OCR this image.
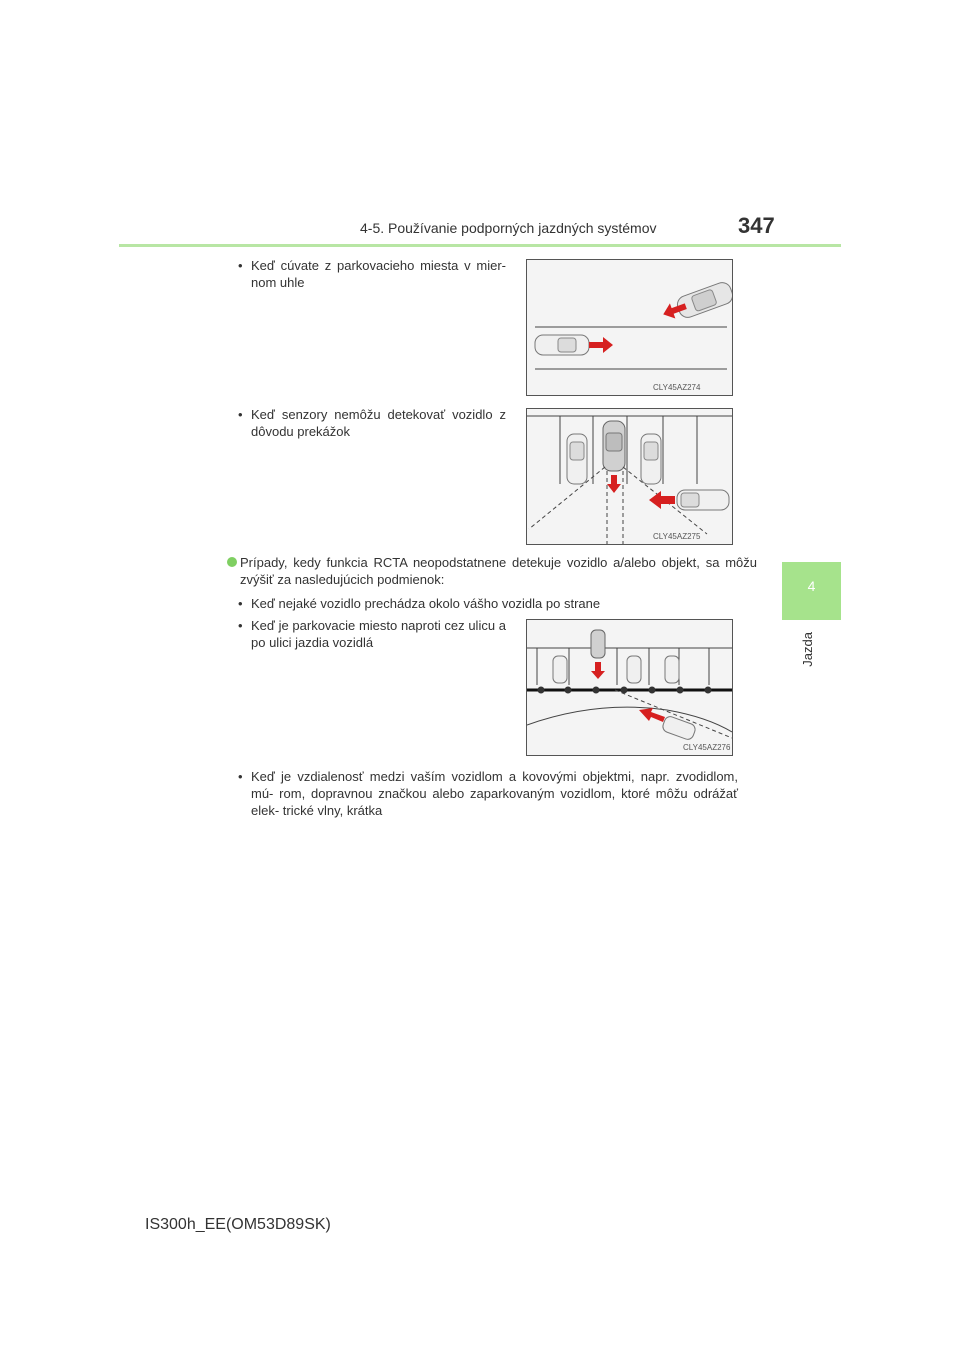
4-5. Používanie podporných jazdných systémov	347
4
Jazda
• Keď cúvate z parkovacieho miesta v mier- nom uhle
CLY45AZ274
• Keď senzory nemôžu detekovať vozidlo z dôvodu prekážok
CLY45AZ275
Prípady, kedy funkcia RCTA neopodstatnene detekuje vozidlo a/alebo objekt, sa môžu zvýšiť za nasledujúcich podmienok:
• Keď nejaké vozidlo prechádza okolo vášho vozidla po strane
• Keď je parkovacie miesto naproti cez ulicu a po ulici jazdia vozidlá
CLY45AZ276
• Keď je vzdialenosť medzi vaším vozidlom a kovovými objektmi, napr. zvodidlom, mú- rom, dopravnou značkou alebo zaparkovaným vozidlom, ktoré môžu odrážať elek- trické vlny, krátka
IS300h_EE(OM53D89SK)
